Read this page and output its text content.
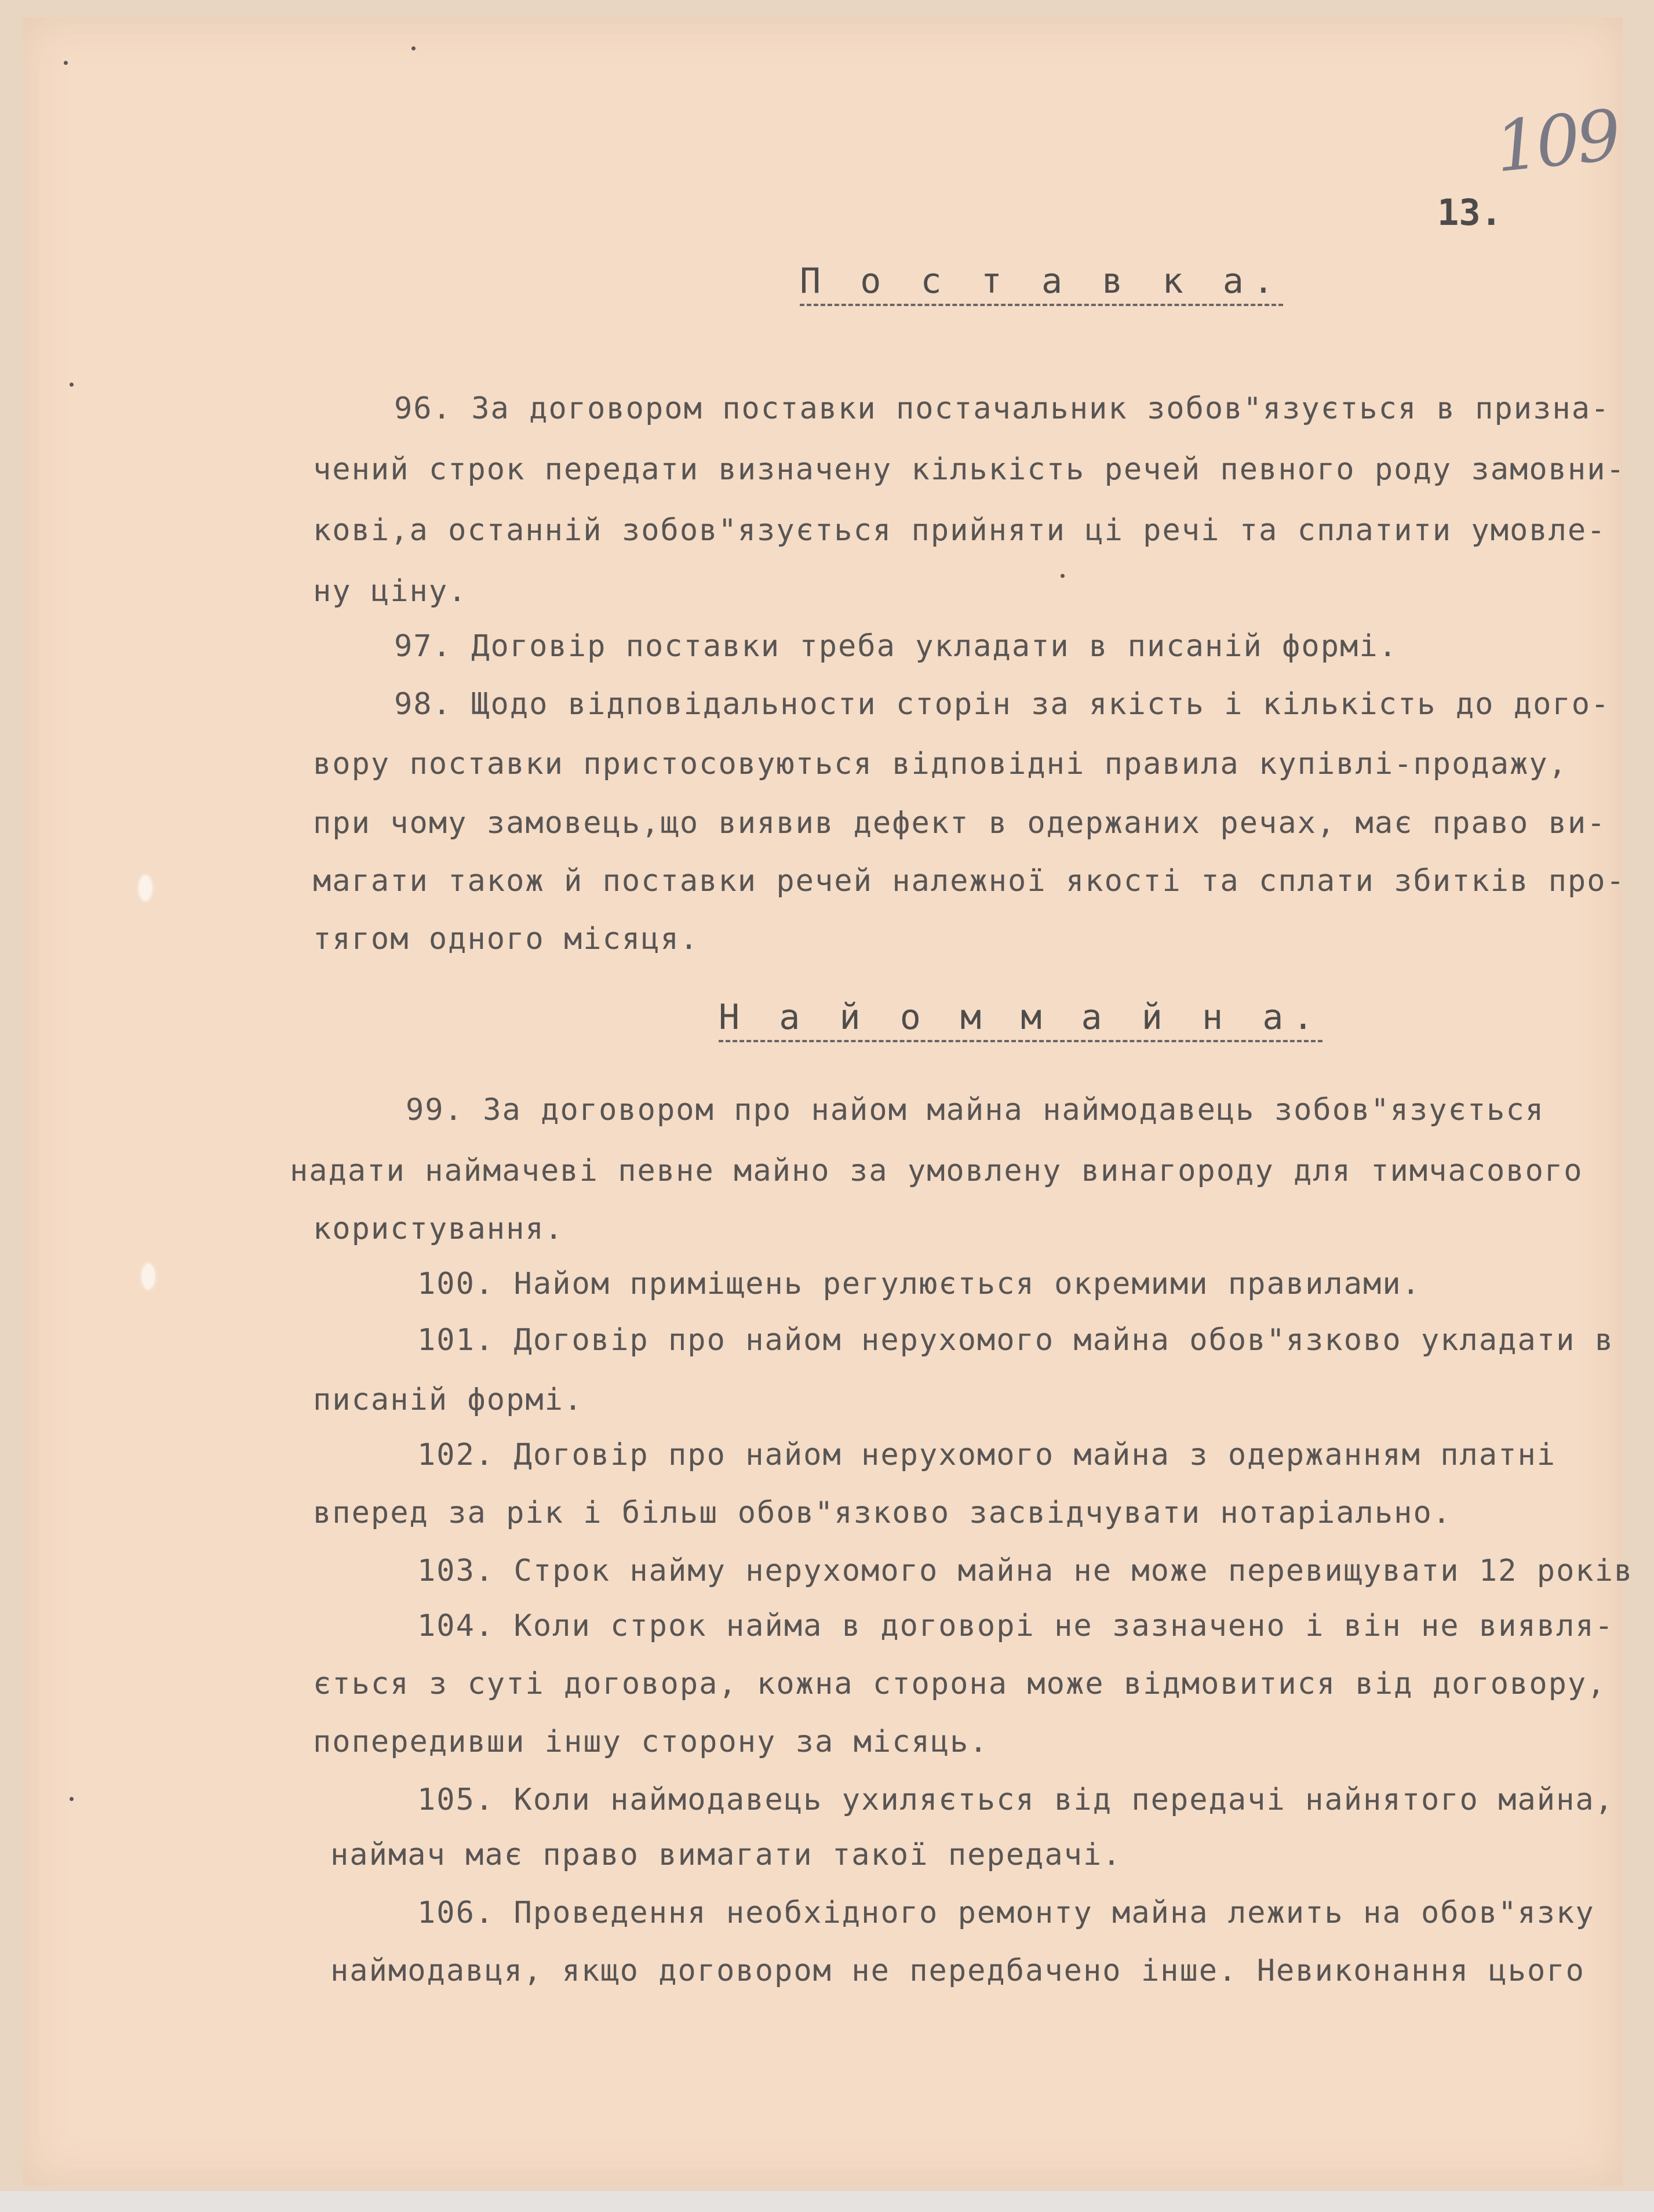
109
13.
П о с т а в к а.
96. За договором поставки постачальник зобов"язується в призна-
чений строк передати визначену кількість речей певного роду замовни-
кові,а останній зобов"язується прийняти ці речі та сплатити умовле-
ну ціну.
97. Договір поставки треба укладати в писаній формі.
98. Щодо відповідальности сторін за якість і кількість до дого-
вору поставки пристосовуються відповідні правила купівлі-продажу,
при чому замовець,що виявив дефект в одержаних речах, має право ви-
магати також й поставки речей належної якості та сплати збитків про-
тягом одного місяця.
Н а й о м м а й н а.
99. За договором про найом майна наймодавець зобов"язується
надати наймачеві певне майно за умовлену винагороду для тимчасового
користування.
100. Найом приміщень регулюється окремими правилами.
101. Договір про найом нерухомого майна обов"язково укладати в
писаній формі.
102. Договір про найом нерухомого майна з одержанням платні
вперед за рік і більш обов"язково засвідчувати нотаріально.
103. Строк найму нерухомого майна не може перевищувати 12 років
104. Коли строк найма в договорі не зазначено і він не виявля-
ється з суті договора, кожна сторона може відмовитися від договору,
попередивши іншу сторону за місяць.
105. Коли наймодавець ухиляється від передачі найнятого майна,
наймач має право вимагати такої передачі.
106. Проведення необхідного ремонту майна лежить на обов"язку
наймодавця, якщо договором не передбачено інше. Невиконання цього
